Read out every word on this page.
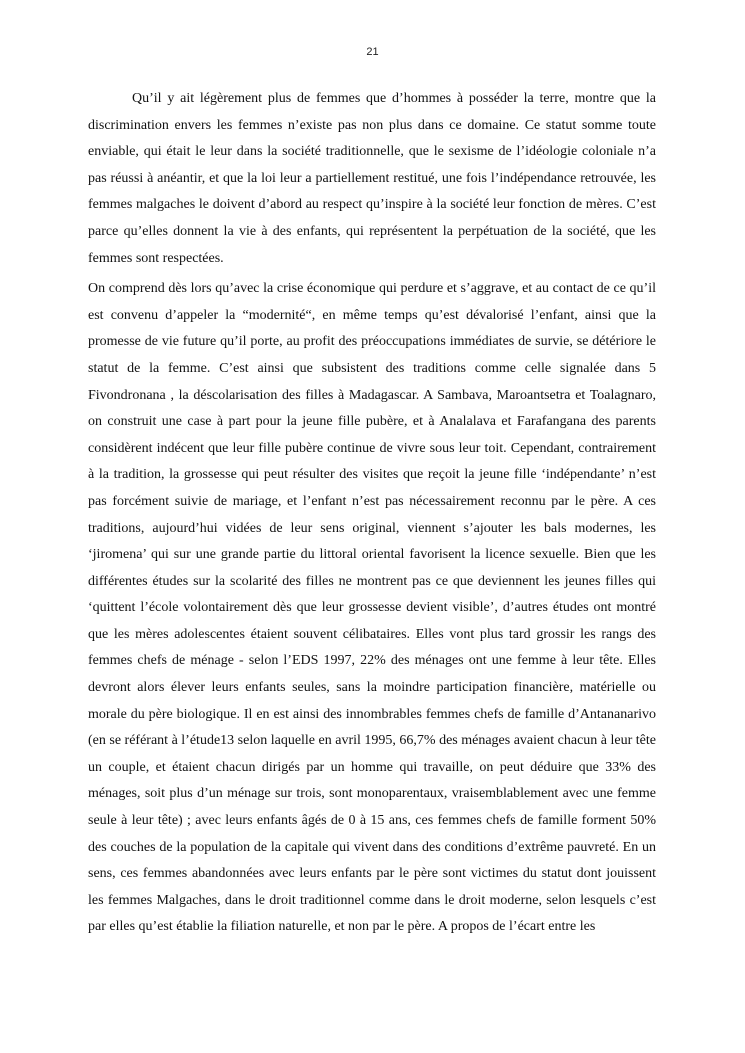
21

Qu’il y ait légèrement plus de femmes que d’hommes à posséder la terre, montre que la discrimination envers les femmes n’existe pas non plus dans ce domaine. Ce statut somme toute enviable, qui était le leur dans la société traditionnelle, que le sexisme de l’idéologie coloniale n’a pas réussi à anéantir, et que la loi leur a partiellement restitué, une fois l’indépendance retrouvée, les femmes malgaches le doivent d’abord au respect qu’inspire à la société leur fonction de mères. C’est parce qu’elles donnent la vie à des enfants, qui représentent la perpétuation de la société, que les femmes sont respectées.

On comprend dès lors qu’avec la crise économique qui perdure et s’aggrave, et au contact de ce qu’il est convenu d’appeler la “modernité“, en même temps qu’est dévalorisé l’enfant, ainsi que la promesse de vie future qu’il porte, au profit des préoccupations immédiates de survie, se détériore le statut de la femme. C’est ainsi que subsistent des traditions comme celle signalée dans 5 Fivondronana , la déscolarisation des filles à Madagascar. A Sambava, Maroantsetra et Toalagnaro, on construit une case à part pour la jeune fille pubère, et à Analalava et Farafangana des parents considèrent indécent que leur fille pubère continue de vivre sous leur toit. Cependant, contrairement à la tradition, la grossesse qui peut résulter des visites que reçoit la jeune fille ‘indépendante’ n’est pas forcément suivie de mariage, et l’enfant n’est pas nécessairement reconnu par le père. A ces traditions, aujourd’hui vidées de leur sens original, viennent s’ajouter les bals modernes, les ‘jiromena’ qui sur une grande partie du littoral oriental favorisent la licence sexuelle. Bien que les différentes études sur la scolarité des filles ne montrent pas ce que deviennent les jeunes filles qui ‘quittent l’école volontairement dès que leur grossesse devient visible’, d’autres études ont montré que les mères adolescentes étaient souvent célibataires. Elles vont plus tard grossir les rangs des femmes chefs de ménage - selon l’EDS 1997, 22% des ménages ont une femme à leur tête. Elles devront alors élever leurs enfants seules, sans la moindre participation financière, matérielle ou morale du père biologique. Il en est ainsi des innombrables femmes chefs de famille d’Antananarivo (en se référant à l’étude13 selon laquelle en avril 1995, 66,7% des ménages avaient chacun à leur tête un couple, et étaient chacun dirigés par un homme qui travaille, on peut déduire que 33% des ménages, soit plus d’un ménage sur trois, sont monoparentaux, vraisemblablement avec une femme seule à leur tête) ; avec leurs enfants âgés de 0 à 15 ans, ces femmes chefs de famille forment 50% des couches de la population de la capitale qui vivent dans des conditions d’extrême pauvreté. En un sens, ces femmes abandonnées avec leurs enfants par le père sont victimes du statut dont jouissent les femmes Malgaches, dans le droit traditionnel comme dans le droit moderne, selon lesquels c’est par elles qu’est établie la filiation naturelle, et non par le père. A propos de l’écart entre les
